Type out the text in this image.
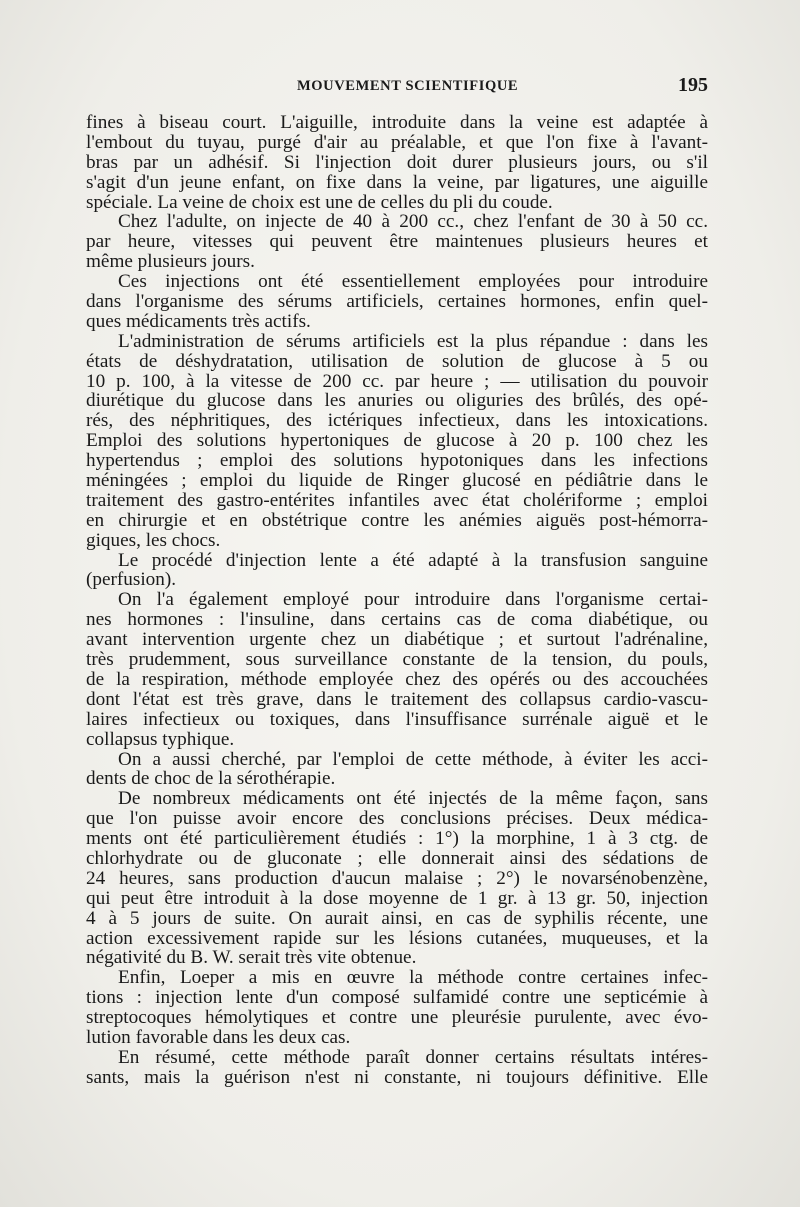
MOUVEMENT SCIENTIFIQUE	195
fines à biseau court. L'aiguille, introduite dans la veine est adaptée à
l'embout du tuyau, purgé d'air au préalable, et que l'on fixe à l'avant-
bras par un adhésif. Si l'injection doit durer plusieurs jours, ou s'il
s'agit d'un jeune enfant, on fixe dans la veine, par ligatures, une aiguille
spéciale. La veine de choix est une de celles du pli du coude.
Chez l'adulte, on injecte de 40 à 200 cc., chez l'enfant de 30 à 50 cc.
par heure, vitesses qui peuvent être maintenues plusieurs heures et
même plusieurs jours.
Ces injections ont été essentiellement employées pour introduire
dans l'organisme des sérums artificiels, certaines hormones, enfin quel-
ques médicaments très actifs.
L'administration de sérums artificiels est la plus répandue : dans les
états de déshydratation, utilisation de solution de glucose à 5 ou
10 p. 100, à la vitesse de 200 cc. par heure ; — utilisation du pouvoir
diurétique du glucose dans les anuries ou oliguries des brûlés, des opé-
rés, des néphritiques, des ictériques infectieux, dans les intoxications.
Emploi des solutions hypertoniques de glucose à 20 p. 100 chez les
hypertendus ; emploi des solutions hypotoniques dans les infections
méningées ; emploi du liquide de Ringer glucosé en pédiâtrie dans le
traitement des gastro-entérites infantiles avec état cholériforme ; emploi
en chirurgie et en obstétrique contre les anémies aiguës post-hémorra-
giques, les chocs.
Le procédé d'injection lente a été adapté à la transfusion sanguine
(perfusion).
On l'a également employé pour introduire dans l'organisme certai-
nes hormones : l'insuline, dans certains cas de coma diabétique, ou
avant intervention urgente chez un diabétique ; et surtout l'adrénaline,
très prudemment, sous surveillance constante de la tension, du pouls,
de la respiration, méthode employée chez des opérés ou des accouchées
dont l'état est très grave, dans le traitement des collapsus cardio-vascu-
laires infectieux ou toxiques, dans l'insuffisance surrénale aiguë et le
collapsus typhique.
On a aussi cherché, par l'emploi de cette méthode, à éviter les acci-
dents de choc de la sérothérapie.
De nombreux médicaments ont été injectés de la même façon, sans
que l'on puisse avoir encore des conclusions précises. Deux médica-
ments ont été particulièrement étudiés : 1°) la morphine, 1 à 3 ctg. de
chlorhydrate ou de gluconate ; elle donnerait ainsi des sédations de
24 heures, sans production d'aucun malaise ; 2°) le novarsénobenzène,
qui peut être introduit à la dose moyenne de 1 gr. à 13 gr. 50, injection
4 à 5 jours de suite. On aurait ainsi, en cas de syphilis récente, une
action excessivement rapide sur les lésions cutanées, muqueuses, et la
négativité du B. W. serait très vite obtenue.
Enfin, Loeper a mis en œuvre la méthode contre certaines infec-
tions : injection lente d'un composé sulfamidé contre une septicémie à
streptocoques hémolytiques et contre une pleurésie purulente, avec évo-
lution favorable dans les deux cas.
En résumé, cette méthode paraît donner certains résultats intéres-
sants, mais la guérison n'est ni constante, ni toujours définitive. Elle
